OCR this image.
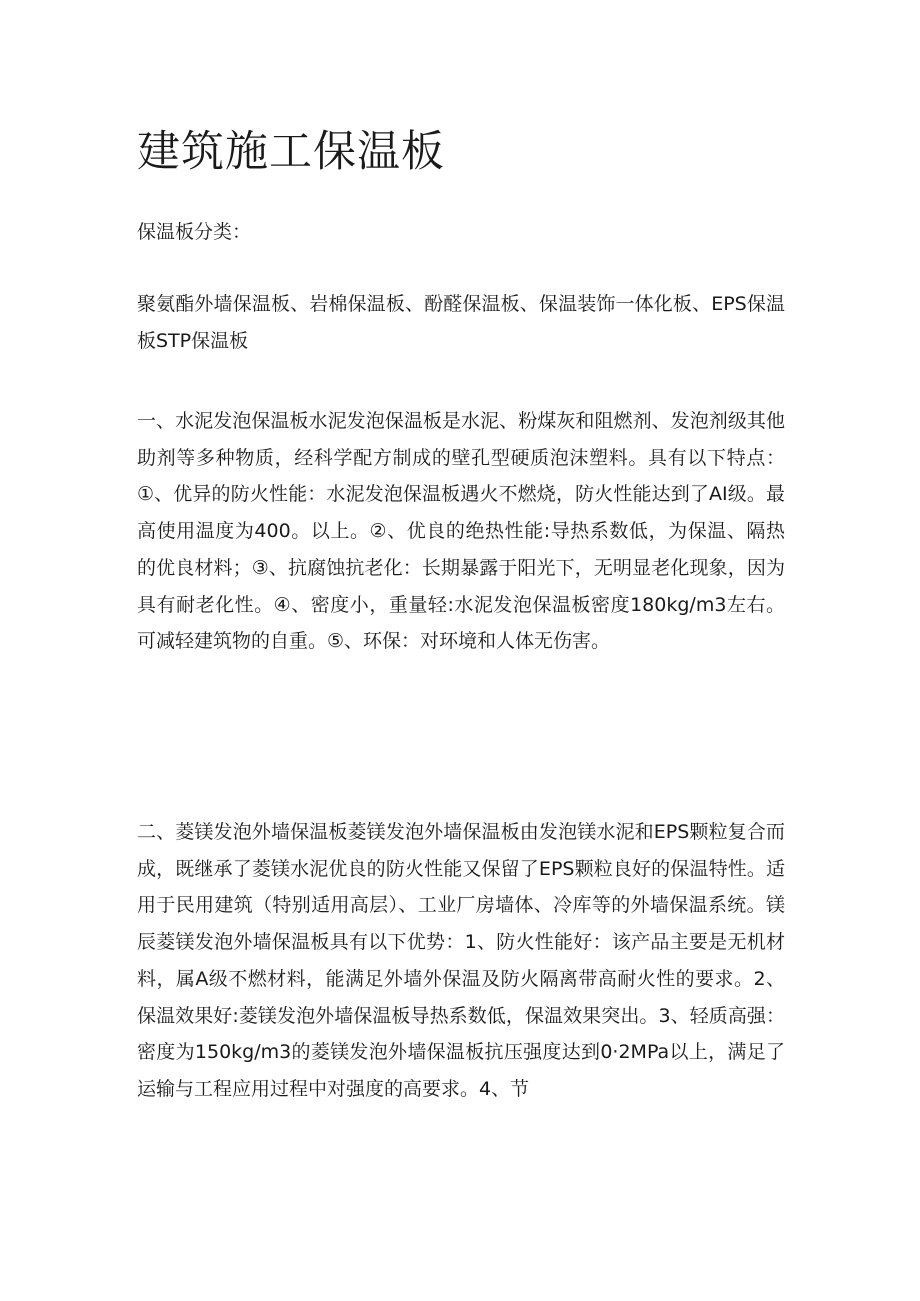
建筑施工保温板

保温板分类：

聚氨酯外墙保温板、岩棉保温板、酚醛保温板、保温装饰一体化板、EPS保温板STP保温板

一、水泥发泡保温板水泥发泡保温板是水泥、粉煤灰和阻燃剂、发泡剂级其他助剂等多种物质，经科学配方制成的壁孔型硬质泡沫塑料。具有以下特点：①、优异的防火性能：水泥发泡保温板遇火不燃烧，防火性能达到了AI级。最高使用温度为400。以上。②、优良的绝热性能:导热系数低，为保温、隔热的优良材料；③、抗腐蚀抗老化：长期暴露于阳光下，无明显老化现象，因为具有耐老化性。④、密度小，重量轻:水泥发泡保温板密度180kg∕m3左右。可减轻建筑物的自重。⑤、环保：对环境和人体无伤害。

二、菱镁发泡外墙保温板菱镁发泡外墙保温板由发泡镁水泥和EPS颗粒复合而成，既继承了菱镁水泥优良的防火性能又保留了EPS颗粒良好的保温特性。适用于民用建筑（特别适用高层）、工业厂房墙体、冷库等的外墙保温系统。镁辰菱镁发泡外墙保温板具有以下优势：1、防火性能好：该产品主要是无机材料，属A级不燃材料，能满足外墙外保温及防火隔离带高耐火性的要求。2、保温效果好:菱镁发泡外墙保温板导热系数低，保温效果突出。3、轻质高强：密度为150kg∕m3的菱镁发泡外墙保温板抗压强度达到0·2MPa以上，满足了运输与工程应用过程中对强度的高要求。4、节
